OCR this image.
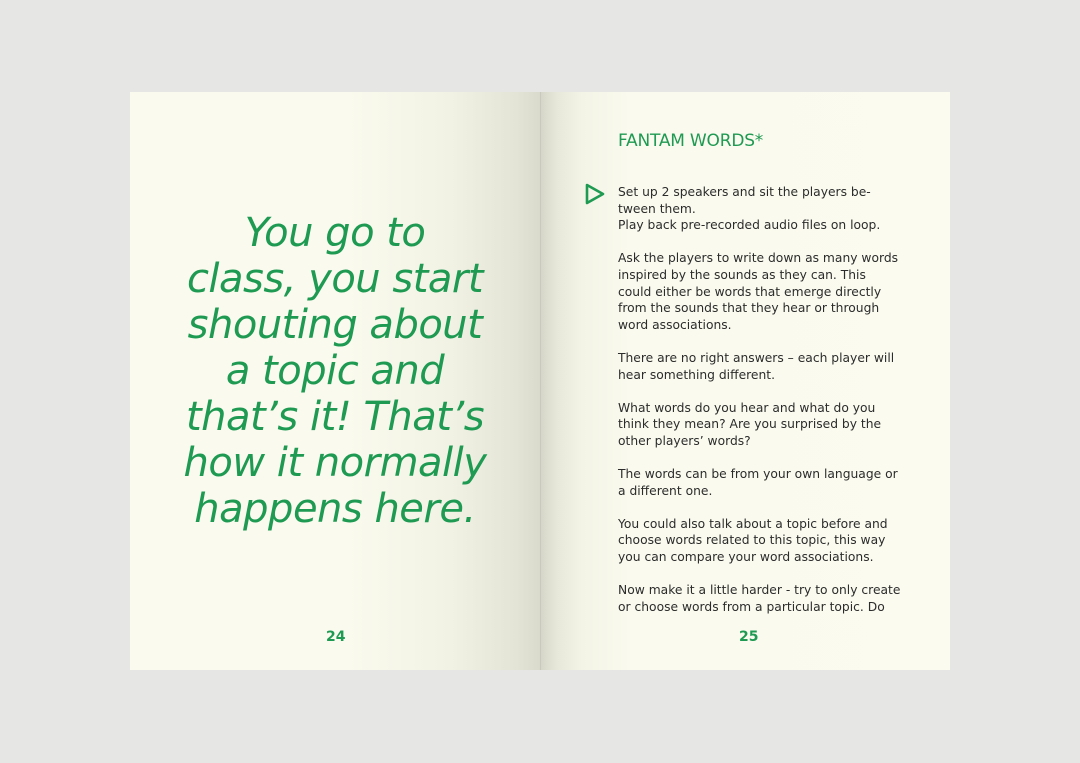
You go to
class, you start
shouting about
a topic and
that’s it! That’s
how it normally
happens here.

24
FANTAM WORDS*

Set up 2 speakers and sit the players be-
tween them.
Play back pre-recorded audio files on loop.

Ask the players to write down as many words
inspired by the sounds as they can. This
could either be words that emerge directly
from the sounds that they hear or through
word associations.

There are no right answers – each player will
hear something different.

What words do you hear and what do you
think they mean? Are you surprised by the
other players’ words?

The words can be from your own language or
a different one.

You could also talk about a topic before and
choose words related to this topic, this way
you can compare your word associations.

Now make it a little harder - try to only create
or choose words from a particular topic. Do

25
